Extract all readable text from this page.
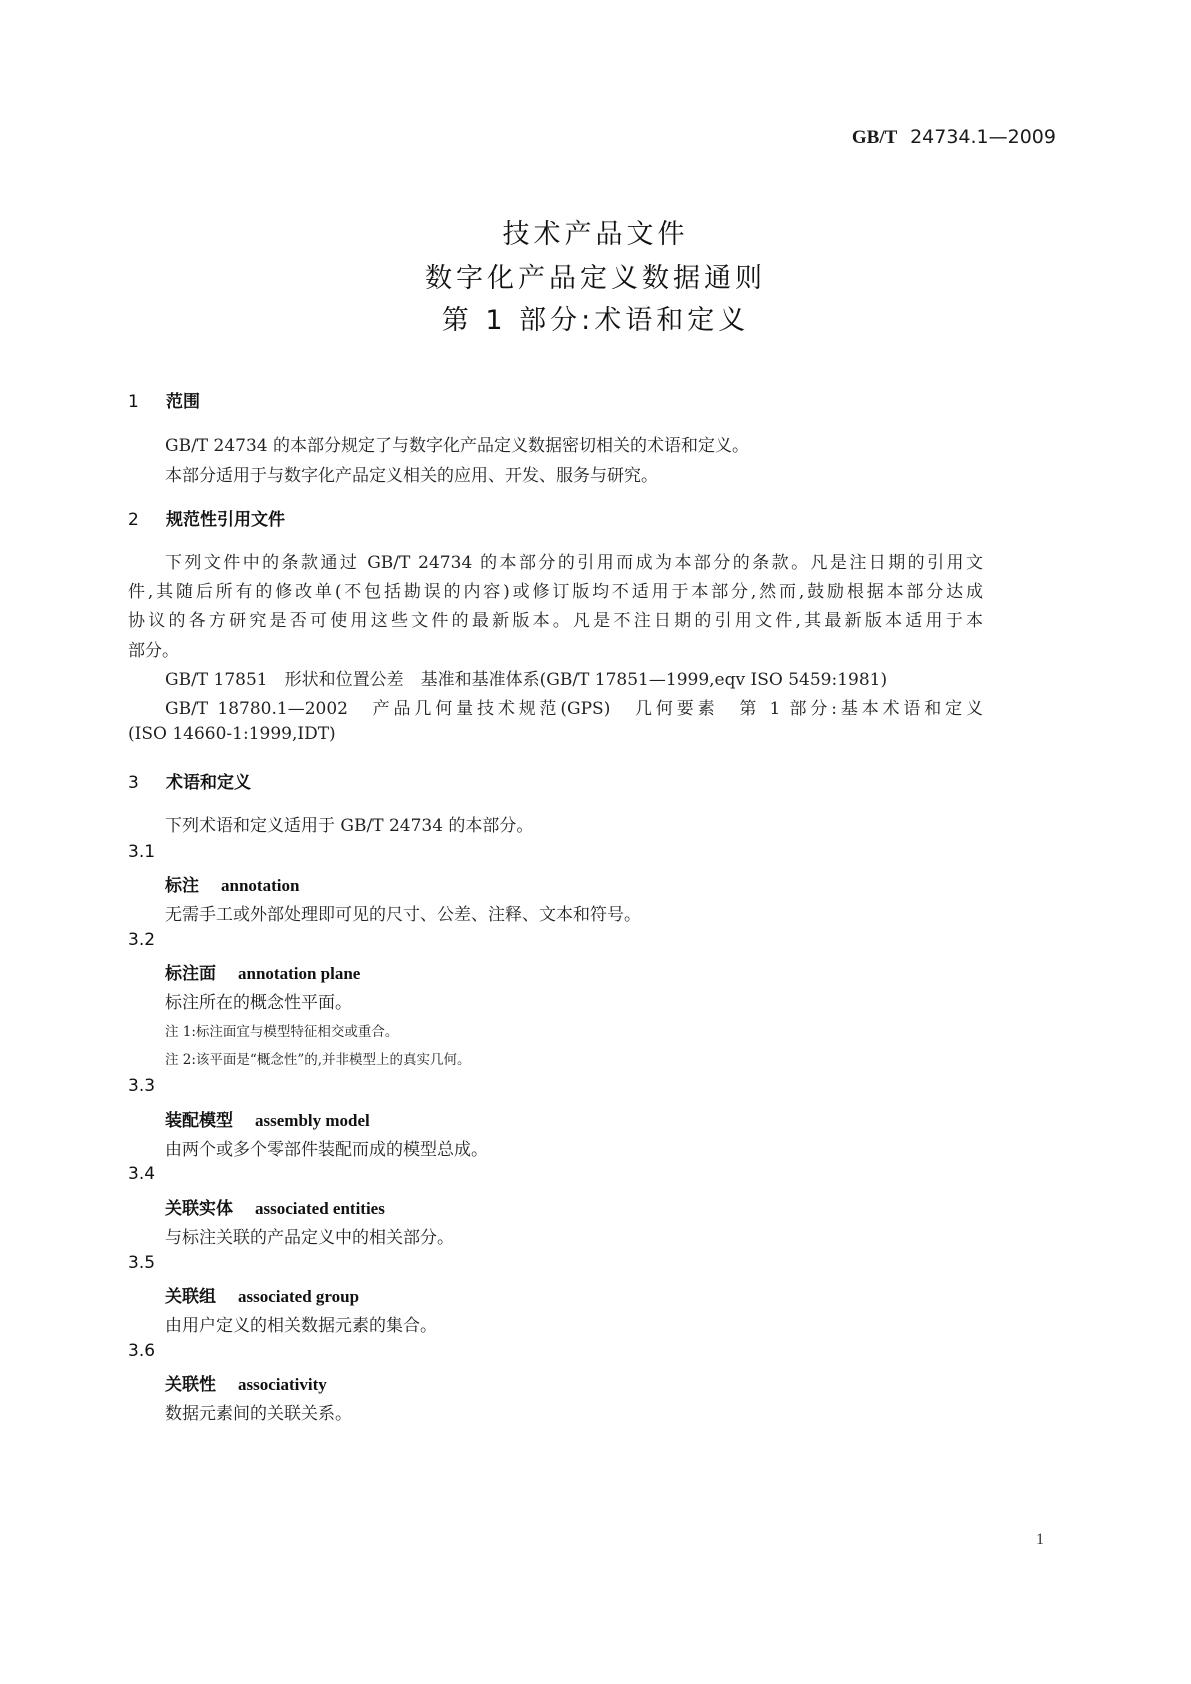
GB/T 24734.1—2009
技术产品文件
数字化产品定义数据通则
第 1 部分:术语和定义
1 范围
GB/T 24734 的本部分规定了与数字化产品定义数据密切相关的术语和定义。
本部分适用于与数字化产品定义相关的应用、开发、服务与研究。
2 规范性引用文件
下列文件中的条款通过 GB/T 24734 的本部分的引用而成为本部分的条款。凡是注日期的引用文
件,其随后所有的修改单(不包括勘误的内容)或修订版均不适用于本部分,然而,鼓励根据本部分达成
协议的各方研究是否可使用这些文件的最新版本。凡是不注日期的引用文件,其最新版本适用于本
部分。
GB/T 17851　形状和位置公差　基准和基准体系(GB/T 17851—1999,eqv ISO 5459:1981)
GB/T 18780.1—2002　产品几何量技术规范(GPS)　几何要素　第 1 部分:基本术语和定义
(ISO 14660-1:1999,IDT)
3 术语和定义
下列术语和定义适用于 GB/T 24734 的本部分。
3.1
标注 annotation
无需手工或外部处理即可见的尺寸、公差、注释、文本和符号。
3.2
标注面 annotation plane
标注所在的概念性平面。
注 1:标注面宜与模型特征相交或重合。
注 2:该平面是“概念性”的,并非模型上的真实几何。
3.3
装配模型 assembly model
由两个或多个零部件装配而成的模型总成。
3.4
关联实体 associated entities
与标注关联的产品定义中的相关部分。
3.5
关联组 associated group
由用户定义的相关数据元素的集合。
3.6
关联性 associativity
数据元素间的关联关系。
1
